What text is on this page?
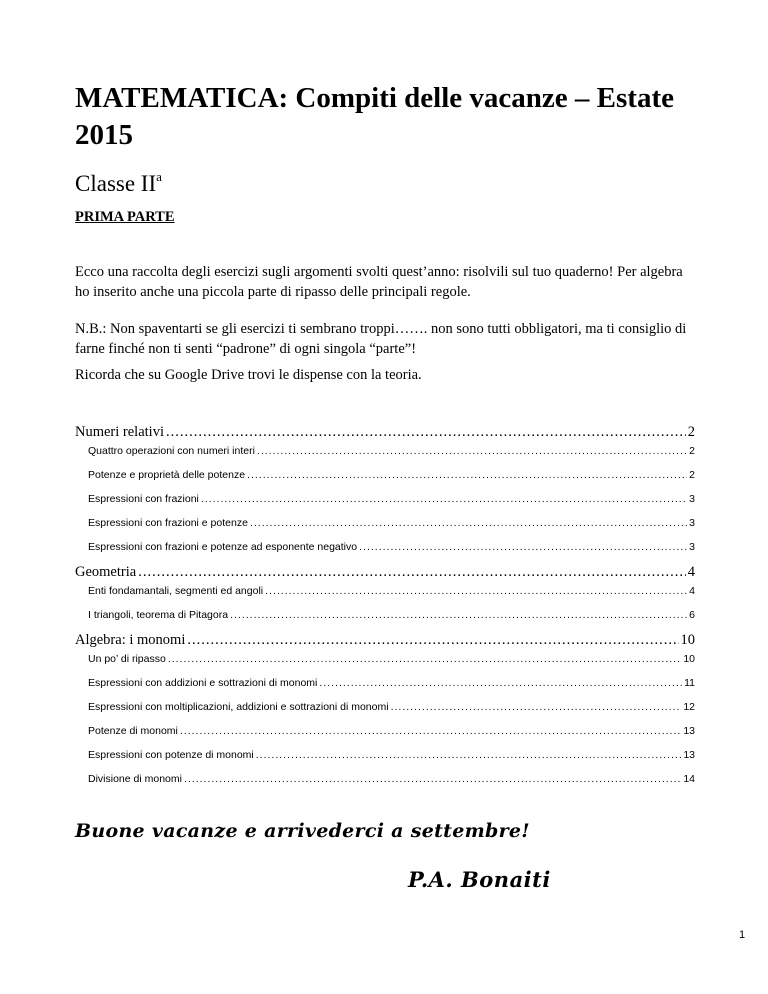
MATEMATICA: Compiti delle vacanze – Estate 2015
Classe $II^a$
PRIMA PARTE

Ecco una raccolta degli esercizi sugli argomenti svolti quest’anno: risolvili sul tuo quaderno! Per algebra ho inserito anche una piccola parte di ripasso delle principali regole.

N.B.: Non spaventarti se gli esercizi ti sembrano troppi……. non sono tutti obbligatori, ma ti consiglio di farne finché non ti senti “padrone” di ogni singola “parte”!

Ricorda che su Google Drive trovi le dispense con la teoria.

Numeri relativi .....	2
Quattro operazioni con numeri interi .....	2
Potenze e proprietà delle potenze .....	2
Espressioni con frazioni .....	3
Espressioni con frazioni e potenze .....	3
Espressioni con frazioni e potenze ad esponente negativo .....	3
Geometria .....	4
Enti fondamantali, segmenti ed angoli .....	4
I triangoli, teorema di Pitagora .....	6
Algebra: i monomi .....	10
Un po’ di ripasso .....	10
Espressioni con addizioni e sottrazioni di monomi .....	11
Espressioni con moltiplicazioni, addizioni e sottrazioni di monomi .....	12
Potenze di monomi .....	13
Espressioni con potenze di monomi .....	13
Divisione di monomi .....	14
Buone vacanze e arrivederci a settembre!
P.A. Bonaiti
1
